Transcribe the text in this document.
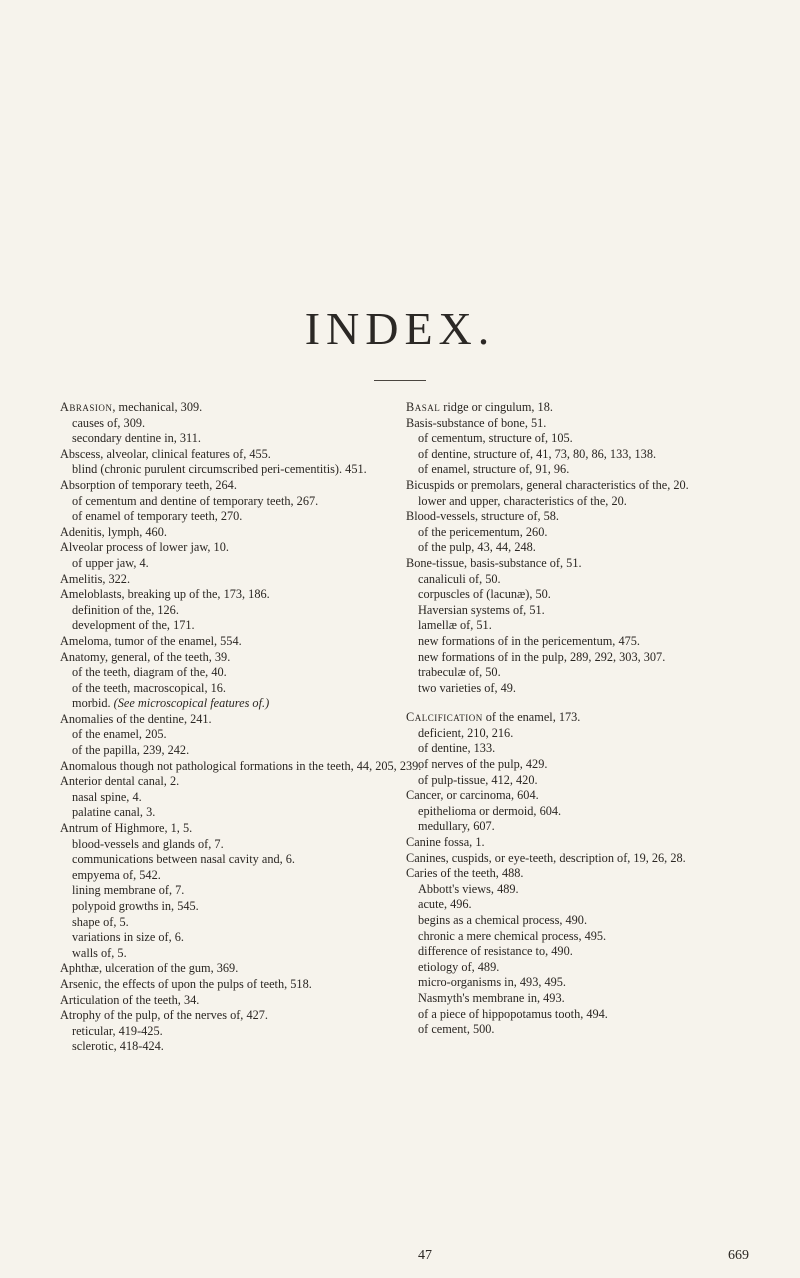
INDEX.

Abrasion, mechanical, 309.

causes of, 309.

secondary dentine in, 311.

Abscess, alveolar, clinical features of, 455.

blind (chronic purulent circumscribed peri-cementitis). 451.

Absorption of temporary teeth, 264.

of cementum and dentine of temporary teeth, 267.

of enamel of temporary teeth, 270.

Adenitis, lymph, 460.

Alveolar process of lower jaw, 10.

of upper jaw, 4.

Amelitis, 322.

Ameloblasts, breaking up of the, 173, 186.

definition of the, 126.

development of the, 171.

Ameloma, tumor of the enamel, 554.

Anatomy, general, of the teeth, 39.

of the teeth, diagram of the, 40.

of the teeth, macroscopical, 16.

morbid. (See microscopical features of.)

Anomalies of the dentine, 241.

of the enamel, 205.

of the papilla, 239, 242.

Anomalous though not pathological formations in the teeth, 44, 205, 239.

Anterior dental canal, 2.

nasal spine, 4.

palatine canal, 3.

Antrum of Highmore, 1, 5.

blood-vessels and glands of, 7.

communications between nasal cavity and, 6.

empyema of, 542.

lining membrane of, 7.

polypoid growths in, 545.

shape of, 5.

variations in size of, 6.

walls of, 5.

Aphthæ, ulceration of the gum, 369.

Arsenic, the effects of upon the pulps of teeth, 518.

Articulation of the teeth, 34.

Atrophy of the pulp, of the nerves of, 427.

reticular, 419-425.

sclerotic, 418-424.

Basal ridge or cingulum, 18.

Basis-substance of bone, 51.

of cementum, structure of, 105.

of dentine, structure of, 41, 73, 80, 86, 133, 138.

of enamel, structure of, 91, 96.

Bicuspids or premolars, general characteristics of the, 20.

lower and upper, characteristics of the, 20.

Blood-vessels, structure of, 58.

of the pericementum, 260.

of the pulp, 43, 44, 248.

Bone-tissue, basis-substance of, 51.

canaliculi of, 50.

corpuscles of (lacunæ), 50.

Haversian systems of, 51.

lamellæ of, 51.

new formations of in the pericementum, 475.

new formations of in the pulp, 289, 292, 303, 307.

trabeculæ of, 50.

two varieties of, 49.

Calcification of the enamel, 173.

deficient, 210, 216.

of dentine, 133.

of nerves of the pulp, 429.

of pulp-tissue, 412, 420.

Cancer, or carcinoma, 604.

epithelioma or dermoid, 604.

medullary, 607.

Canine fossa, 1.

Canines, cuspids, or eye-teeth, description of, 19, 26, 28.

Caries of the teeth, 488.

Abbott's views, 489.

acute, 496.

begins as a chemical process, 490.

chronic a mere chemical process, 495.

difference of resistance to, 490.

etiology of, 489.

micro-organisms in, 493, 495.

Nasmyth's membrane in, 493.

of a piece of hippopotamus tooth, 494.

of cement, 500.

47	669
